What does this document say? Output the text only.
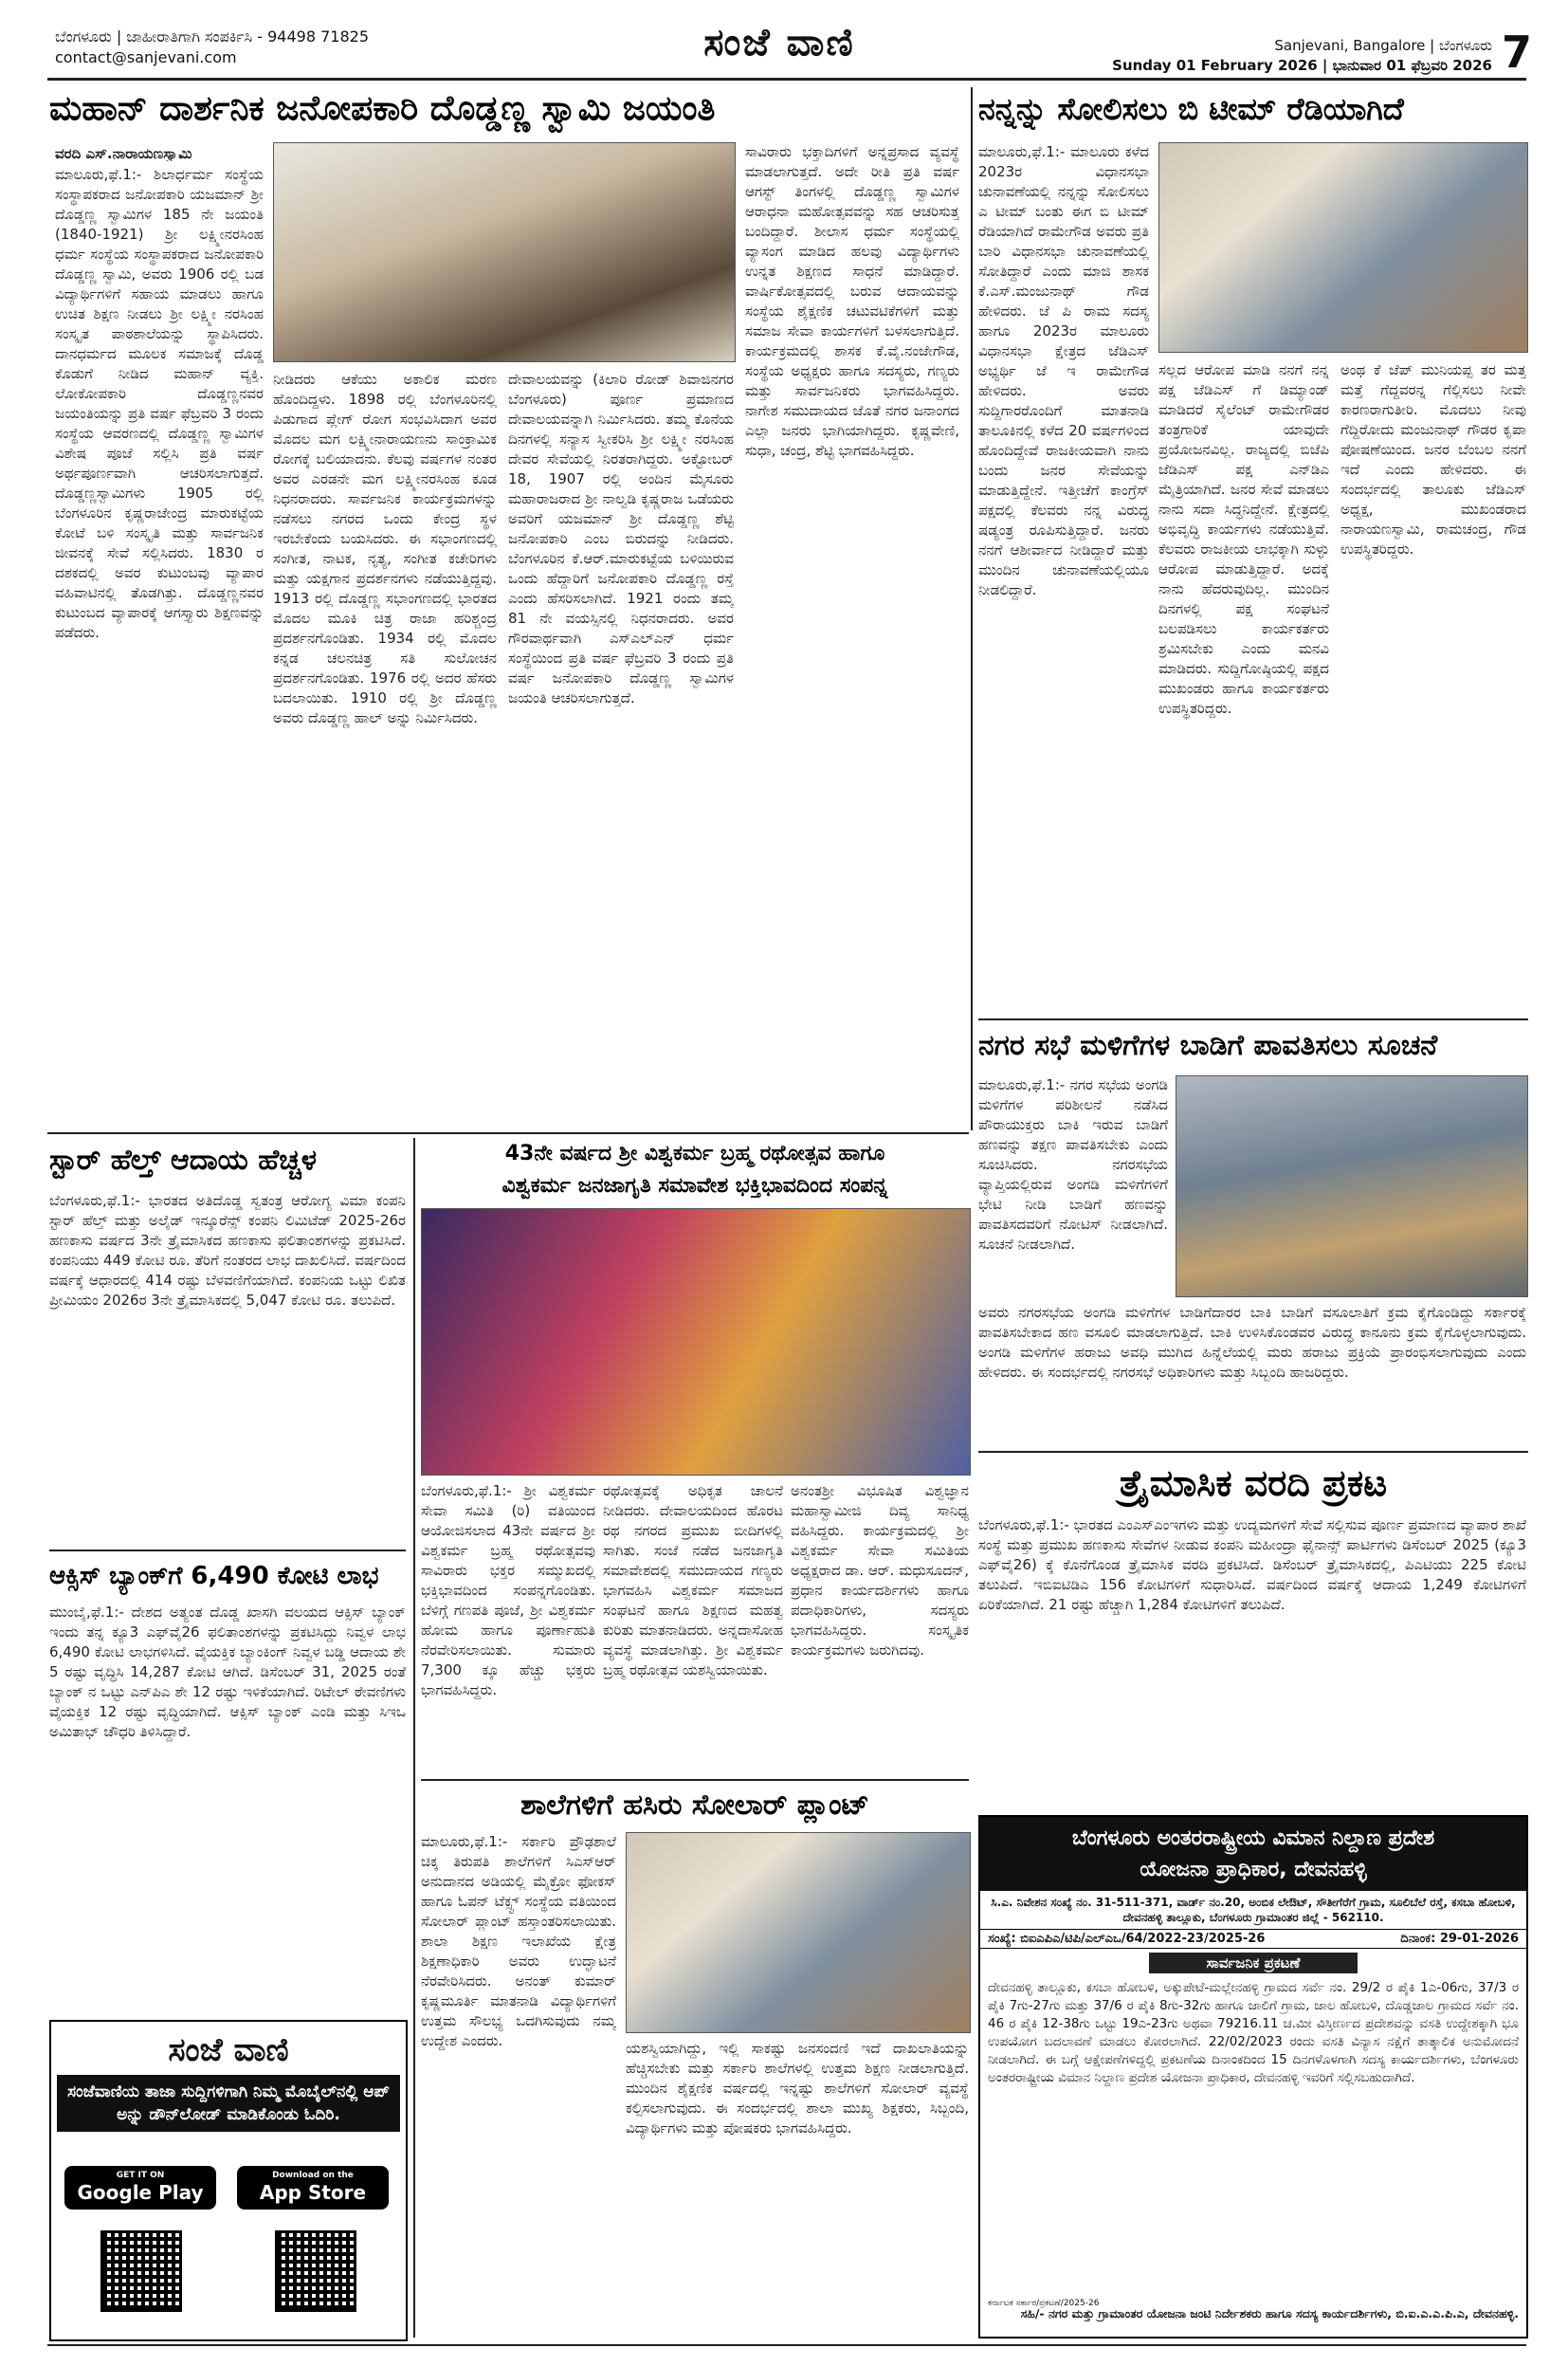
ಬೆಂಗಳೂರು | ಜಾಹೀರಾತಿಗಾಗಿ ಸಂಪರ್ಕಿಸಿ - 94498 71825
contact@sanjevani.com	ಸಂಜೆ ವಾಣಿ	Sanjevani, Bangalore | ಬೆಂಗಳೂರು
Sunday 01 February 2026 | ಭಾನುವಾರ 01 ಫೆಬ್ರವರಿ 2026 7
ಮಹಾನ್ ದಾರ್ಶನಿಕ ಜನೋಪಕಾರಿ ದೊಡ್ಡಣ್ಣ ಸ್ವಾಮಿ ಜಯಂತಿ
ವರದಿ ಎಸ್.ನಾರಾಯಣಸ್ವಾಮಿ
ಮಾಲೂರು,ಫೆ.1:- ಶಿಲಾರ್ಧರ್ಮ ಸಂಸ್ಥೆಯ ಸಂಸ್ಥಾಪಕರಾದ ಜನೋಪಕಾರಿ ಯಜಮಾನ್ ಶ್ರೀ ದೊಡ್ಡಣ್ಣ ಸ್ವಾಮಿಗಳ 185 ನೇ ಜಯಂತಿ (1840-1921) ಶ್ರೀ ಲಕ್ಷ್ಮೀನರಸಿಂಹ ಧರ್ಮ ಸಂಸ್ಥೆಯ ಸಂಸ್ಥಾಪಕರಾದ ಜನೋಪಕಾರಿ ದೊಡ್ಡಣ್ಣ ಸ್ವಾಮಿ, ಅವರು 1906 ರಲ್ಲಿ ಬಡ ವಿದ್ಯಾರ್ಥಿಗಳಿಗೆ ಸಹಾಯ ಮಾಡಲು ಹಾಗೂ ಉಚಿತ ಶಿಕ್ಷಣ ನೀಡಲು ಶ್ರೀ ಲಕ್ಷ್ಮೀ ನರಸಿಂಹ ಸಂಸ್ಕೃತ ಪಾಠಶಾಲೆಯನ್ನು ಸ್ಥಾಪಿಸಿದರು. ದಾನಧರ್ಮದ ಮೂಲಕ ಸಮಾಜಕ್ಕೆ ದೊಡ್ಡ ಕೊಡುಗೆ ನೀಡಿದ ಮಹಾನ್ ವ್ಯಕ್ತಿ. ಲೋಕೋಪಕಾರಿ ದೊಡ್ಡಣ್ಣನವರ ಜಯಂತಿಯನ್ನು ಪ್ರತಿ ವರ್ಷ ಫೆಬ್ರವರಿ 3 ರಂದು ಸಂಸ್ಥೆಯ ಆವರಣದಲ್ಲಿ ದೊಡ್ಡಣ್ಣ ಸ್ವಾಮಿಗಳ ವಿಶೇಷ ಪೂಜೆ ಸಲ್ಲಿಸಿ ಪ್ರತಿ ವರ್ಷ ಅರ್ಥಪೂರ್ಣವಾಗಿ ಆಚರಿಸಲಾಗುತ್ತದೆ. ದೊಡ್ಡಣ್ಣಸ್ವಾಮಿಗಳು 1905 ರಲ್ಲಿ ಬೆಂಗಳೂರಿನ ಕೃಷ್ಣರಾಜೇಂದ್ರ ಮಾರುಕಟ್ಟೆಯ ಕೋಟೆ ಬಳಿ ಸಂಸ್ಕೃತಿ ಮತ್ತು ಸಾರ್ವಜನಿಕ ಜೀವನಕ್ಕೆ ಸೇವೆ ಸಲ್ಲಿಸಿದರು. 1830 ರ ದಶಕದಲ್ಲಿ ಅವರ ಕುಟುಂಬವು ವ್ಯಾಪಾರ ವಹಿವಾಟಿನಲ್ಲಿ ತೊಡಗಿತ್ತು. ದೊಡ್ಡಣ್ಣನವರ ಕುಟುಂಬದ ವ್ಯಾಪಾರಕ್ಕೆ ಆಗಸ್ತ್ಯಾರು ಶಿಕ್ಷಣವನ್ನು ಪಡೆದರು.
ನೀಡಿದರು ಆಕೆಯು ಅಕಾಲಿಕ ಮರಣ ಹೊಂದಿದ್ದಳು. 1898 ರಲ್ಲಿ ಬೆಂಗಳೂರಿನಲ್ಲಿ ಪಿಡುಗಾದ ಪ್ಲೇಗ್ ರೋಗ ಸಂಭವಿಸಿದಾಗ ಅವರ ಮೊದಲ ಮಗ ಲಕ್ಷ್ಮೀನಾರಾಯಣನು ಸಾಂಕ್ರಾಮಿಕ ರೋಗಕ್ಕೆ ಬಲಿಯಾದನು. ಕೆಲವು ವರ್ಷಗಳ ನಂತರ ಅವರ ಎರಡನೇ ಮಗ ಲಕ್ಷ್ಮೀನರಸಿಂಹ ಕೂಡ ನಿಧನರಾದರು. ಸಾರ್ವಜನಿಕ ಕಾರ್ಯಕ್ರಮಗಳನ್ನು ನಡೆಸಲು ನಗರದ ಒಂದು ಕೇಂದ್ರ ಸ್ಥಳ ಇರಬೇಕೆಂದು ಬಯಸಿದರು. ಈ ಸಭಾಂಗಣದಲ್ಲಿ ಸಂಗೀತ, ನಾಟಕ, ನೃತ್ಯ, ಸಂಗೀತ ಕಚೇರಿಗಳು ಮತ್ತು ಯಕ್ಷಗಾನ ಪ್ರದರ್ಶನಗಳು ನಡೆಯುತ್ತಿದ್ದವು. 1913 ರಲ್ಲಿ ದೊಡ್ಡಣ್ಣ ಸಭಾಂಗಣದಲ್ಲಿ ಭಾರತದ ಮೊದಲ ಮೂಕಿ ಚಿತ್ರ ರಾಜಾ ಹರಿಶ್ಚಂದ್ರ ಪ್ರದರ್ಶನಗೊಂಡಿತು. 1934 ರಲ್ಲಿ ಮೊದಲ ಕನ್ನಡ ಚಲನಚಿತ್ರ ಸತಿ ಸುಲೋಚನ ಪ್ರದರ್ಶನಗೊಂಡಿತು. 1976 ರಲ್ಲಿ ಅದರ ಹೆಸರು ಬದಲಾಯಿತು. 1910 ರಲ್ಲಿ ಶ್ರೀ ದೊಡ್ಡಣ್ಣ ಅವರು ದೊಡ್ಡಣ್ಣ ಹಾಲ್ ಅನ್ನು ನಿರ್ಮಿಸಿದರು.
ದೇವಾಲಯವನ್ನು (ಕಿಲಾರಿ ರೋಡ್ ಶಿವಾಜಿನಗರ ಬೆಂಗಳೂರು) ಪೂರ್ಣ ಪ್ರಮಾಣದ ದೇವಾಲಯವನ್ನಾಗಿ ನಿರ್ಮಿಸಿದರು. ತಮ್ಮ ಕೊನೆಯ ದಿನಗಳಲ್ಲಿ ಸನ್ಯಾಸ ಸ್ವೀಕರಿಸಿ ಶ್ರೀ ಲಕ್ಷ್ಮೀ ನರಸಿಂಹ ದೇವರ ಸೇವೆಯಲ್ಲಿ ನಿರತರಾಗಿದ್ದರು. ಅಕ್ಟೋಬರ್ 18, 1907 ರಲ್ಲಿ ಅಂದಿನ ಮೈಸೂರು ಮಹಾರಾಜರಾದ ಶ್ರೀ ನಾಲ್ವಡಿ ಕೃಷ್ಣರಾಜ ಒಡೆಯರು ಅವರಿಗೆ ಯಜಮಾನ್ ಶ್ರೀ ದೊಡ್ಡಣ್ಣ ಶೆಟ್ಟಿ ಜನೋಪಕಾರಿ ಎಂಬ ಬಿರುದನ್ನು ನೀಡಿದರು. ಬೆಂಗಳೂರಿನ ಕೆ.ಆರ್.ಮಾರುಕಟ್ಟೆಯ ಬಳಿಯಿರುವ ಒಂದು ಹೆದ್ದಾರಿಗೆ ಜನೋಪಕಾರಿ ದೊಡ್ಡಣ್ಣ ರಸ್ತೆ ಎಂದು ಹೆಸರಿಸಲಾಗಿದೆ. 1921 ರಂದು ತಮ್ಮ 81 ನೇ ವಯಸ್ಸಿನಲ್ಲಿ ನಿಧನರಾದರು. ಅವರ ಗೌರವಾರ್ಥವಾಗಿ ಎಸ್‌ಎಲ್‌ಎನ್ ಧರ್ಮ ಸಂಸ್ಥೆಯಿಂದ ಪ್ರತಿ ವರ್ಷ ಫೆಬ್ರವರಿ 3 ರಂದು ಪ್ರತಿ ವರ್ಷ ಜನೋಪಕಾರಿ ದೊಡ್ಡಣ್ಣ ಸ್ವಾಮಿಗಳ ಜಯಂತಿ ಆಚರಿಸಲಾಗುತ್ತದೆ.
ಸಾವಿರಾರು ಭಕ್ತಾದಿಗಳಿಗೆ ಅನ್ನಪ್ರಸಾದ ವ್ಯವಸ್ಥೆ ಮಾಡಲಾಗುತ್ತದೆ. ಅದೇ ರೀತಿ ಪ್ರತಿ ವರ್ಷ ಆಗಸ್ಟ್ ತಿಂಗಳಲ್ಲಿ ದೊಡ್ಡಣ್ಣ ಸ್ವಾಮಿಗಳ ಆರಾಧನಾ ಮಹೋತ್ಸವವನ್ನು ಸಹ ಆಚರಿಸುತ್ತ ಬಂದಿದ್ದಾರೆ. ಶೀಲಾಸ ಧರ್ಮ ಸಂಸ್ಥೆಯಲ್ಲಿ ವ್ಯಾಸಂಗ ಮಾಡಿದ ಹಲವು ವಿದ್ಯಾರ್ಥಿಗಳು ಉನ್ನತ ಶಿಕ್ಷಣದ ಸಾಧನೆ ಮಾಡಿದ್ದಾರೆ. ವಾರ್ಷಿಕೋತ್ಸವದಲ್ಲಿ ಬರುವ ಆದಾಯವನ್ನು ಸಂಸ್ಥೆಯ ಶೈಕ್ಷಣಿಕ ಚಟುವಟಿಕೆಗಳಿಗೆ ಮತ್ತು ಸಮಾಜ ಸೇವಾ ಕಾರ್ಯಗಳಿಗೆ ಬಳಸಲಾಗುತ್ತಿದೆ. ಕಾರ್ಯಕ್ರಮದಲ್ಲಿ ಶಾಸಕ ಕೆ.ವೈ.ನಂಜೇಗೌಡ, ಸಂಸ್ಥೆಯ ಅಧ್ಯಕ್ಷರು ಹಾಗೂ ಸದಸ್ಯರು, ಗಣ್ಯರು ಮತ್ತು ಸಾರ್ವಜನಿಕರು ಭಾಗವಹಿಸಿದ್ದರು. ನಾಗೇಶ ಸಮುದಾಯದ ಜೊತೆ ನಗರ ಜನಾಂಗದ ಎಲ್ಲಾ ಜನರು ಭಾಗಿಯಾಗಿದ್ದರು. ಕೃಷ್ಣವೇಣಿ, ಸುಧಾ, ಚಂದ್ರ, ಶೆಟ್ಟಿ ಭಾಗವಹಿಸಿದ್ದರು.
ನನ್ನನ್ನು ಸೋಲಿಸಲು ಬಿ ಟೀಮ್ ರೆಡಿಯಾಗಿದೆ
ಮಾಲೂರು,ಫೆ.1:- ಮಾಲೂರು ಕಳೆದ 2023ರ ವಿಧಾನಸಭಾ ಚುನಾವಣೆಯಲ್ಲಿ ನನ್ನನ್ನು ಸೋಲಿಸಲು ಎ ಟೀಮ್ ಬಂತು ಈಗ ಬಿ ಟೀಮ್ ರೆಡಿಯಾಗಿದೆ ರಾಮೇಗೌಡ ಅವರು ಪ್ರತಿ ಬಾರಿ ವಿಧಾನಸಭಾ ಚುನಾವಣೆಯಲ್ಲಿ ಸೋತಿದ್ದಾರೆ ಎಂದು ಮಾಜಿ ಶಾಸಕ ಕೆ.ಎಸ್.ಮಂಜುನಾಥ್ ಗೌಡ ಹೇಳಿದರು. ಜೆ ಪಿ ರಾಮ ಸದಸ್ಯ ಹಾಗೂ 2023ರ ಮಾಲೂರು ವಿಧಾನಸಭಾ ಕ್ಷೇತ್ರದ ಜೆಡಿಎಸ್ ಅಭ್ಯರ್ಥಿ ಜೆ ಇ ರಾಮೇಗೌಡ ಹೇಳಿದರು. ಅವರು ಸುದ್ದಿಗಾರರೊಂದಿಗೆ ಮಾತನಾಡಿ ತಾಲೂಕಿನಲ್ಲಿ ಕಳೆದ 20 ವರ್ಷಗಳಿಂದ ಹೊಂದಿದ್ದೇವೆ ರಾಜಕೀಯವಾಗಿ ನಾನು ಬಂದು ಜನರ ಸೇವೆಯನ್ನು ಮಾಡುತ್ತಿದ್ದೇನೆ. ಇತ್ತೀಚೆಗೆ ಕಾಂಗ್ರೆಸ್ ಪಕ್ಷದಲ್ಲಿ ಕೆಲವರು ನನ್ನ ವಿರುದ್ಧ ಷಡ್ಯಂತ್ರ ರೂಪಿಸುತ್ತಿದ್ದಾರೆ. ಜನರು ನನಗೆ ಆಶೀರ್ವಾದ ನೀಡಿದ್ದಾರೆ ಮತ್ತು ಮುಂದಿನ ಚುನಾವಣೆಯಲ್ಲಿಯೂ ನೀಡಲಿದ್ದಾರೆ.
ಸಲ್ಲದ ಆರೋಪ ಮಾಡಿ ನನಗೆ ನನ್ನ ಪಕ್ಷ ಜೆಡಿಎಸ್ ಗೆ ಡಿಮ್ಯಾಂಡ್ ಮಾಡಿದರೆ ಸೈಲೆಂಟ್ ರಾಮೇಗೌಡರ ತಂತ್ರಗಾರಿಕೆ ಯಾವುದೇ ಪ್ರಯೋಜನವಿಲ್ಲ. ರಾಜ್ಯದಲ್ಲಿ ಬಿಜೆಪಿ ಜೆಡಿಎಸ್ ಪಕ್ಷ ಎನ್‌ಡಿಎ ಮೈತ್ರಿಯಾಗಿದೆ. ಜನರ ಸೇವೆ ಮಾಡಲು ನಾನು ಸದಾ ಸಿದ್ಧನಿದ್ದೇನೆ. ಕ್ಷೇತ್ರದಲ್ಲಿ ಅಭಿವೃದ್ಧಿ ಕಾರ್ಯಗಳು ನಡೆಯುತ್ತಿವೆ. ಕೆಲವರು ರಾಜಕೀಯ ಲಾಭಕ್ಕಾಗಿ ಸುಳ್ಳು ಆರೋಪ ಮಾಡುತ್ತಿದ್ದಾರೆ. ಅದಕ್ಕೆ ನಾನು ಹೆದರುವುದಿಲ್ಲ. ಮುಂದಿನ ದಿನಗಳಲ್ಲಿ ಪಕ್ಷ ಸಂಘಟನೆ ಬಲಪಡಿಸಲು ಕಾರ್ಯಕರ್ತರು ಶ್ರಮಿಸಬೇಕು ಎಂದು ಮನವಿ ಮಾಡಿದರು. ಸುದ್ದಿಗೋಷ್ಠಿಯಲ್ಲಿ ಪಕ್ಷದ ಮುಖಂಡರು ಹಾಗೂ ಕಾರ್ಯಕರ್ತರು ಉಪಸ್ಥಿತರಿದ್ದರು.
ಅಂಥ ಕೆ ಜೆಪ್ ಮುನಿಯಪ್ಪ ತರ ಮತ್ತ ಮತ್ತೆ ಗೆದ್ದವರನ್ನ ಗೆಲ್ಲಿಸಲು ನೀವೇ ಕಾರಣರಾಗುತೀರಿ. ಮೊದಲು ನೀವು ಗೆದ್ದಿರೋದು ಮಂಜುನಾಥ್ ಗೌಡರ ಕೃಪಾ ಪೋಷಣೆಯಿಂದ. ಜನರ ಬೆಂಬಲ ನನಗೆ ಇದೆ ಎಂದು ಹೇಳಿದರು. ಈ ಸಂದರ್ಭದಲ್ಲಿ ತಾಲೂಕು ಜೆಡಿಎಸ್ ಅಧ್ಯಕ್ಷ, ಮುಖಂಡರಾದ ನಾರಾಯಣಸ್ವಾಮಿ, ರಾಮಚಂದ್ರ, ಗೌಡ ಉಪಸ್ಥಿತರಿದ್ದರು.
ನಗರ ಸಭೆ ಮಳಿಗೆಗಳ ಬಾಡಿಗೆ ಪಾವತಿಸಲು ಸೂಚನೆ
ಮಾಲೂರು,ಫೆ.1:- ನಗರ ಸಭೆಯ ಅಂಗಡಿ ಮಳಿಗೆಗಳ ಪರಿಶೀಲನೆ ನಡೆಸಿದ ಪೌರಾಯುಕ್ತರು ಬಾಕಿ ಇರುವ ಬಾಡಿಗೆ ಹಣವನ್ನು ತಕ್ಷಣ ಪಾವತಿಸಬೇಕು ಎಂದು ಸೂಚಿಸಿದರು. ನಗರಸಭೆಯ ವ್ಯಾಪ್ತಿಯಲ್ಲಿರುವ ಅಂಗಡಿ ಮಳಿಗೆಗಳಿಗೆ ಭೇಟಿ ನೀಡಿ ಬಾಡಿಗೆ ಹಣವನ್ನು ಪಾವತಿಸದವರಿಗೆ ನೋಟಿಸ್ ನೀಡಲಾಗಿದೆ. ಸೂಚನೆ ನೀಡಲಾಗಿದೆ.
ಅವರು ನಗರಸಭೆಯ ಅಂಗಡಿ ಮಳಿಗೆಗಳ ಬಾಡಿಗೆದಾರರ ಬಾಕಿ ಬಾಡಿಗೆ ವಸೂಲಾತಿಗೆ ಕ್ರಮ ಕೈಗೊಂಡಿದ್ದು ಸರ್ಕಾರಕ್ಕೆ ಪಾವತಿಸಬೇಕಾದ ಹಣ ವಸೂಲಿ ಮಾಡಲಾಗುತ್ತಿದೆ. ಬಾಕಿ ಉಳಿಸಿಕೊಂಡವರ ವಿರುದ್ಧ ಕಾನೂನು ಕ್ರಮ ಕೈಗೊಳ್ಳಲಾಗುವುದು. ಅಂಗಡಿ ಮಳಿಗೆಗಳ ಹರಾಜು ಅವಧಿ ಮುಗಿದ ಹಿನ್ನೆಲೆಯಲ್ಲಿ ಮರು ಹರಾಜು ಪ್ರಕ್ರಿಯೆ ಪ್ರಾರಂಭಿಸಲಾಗುವುದು ಎಂದು ಹೇಳಿದರು. ಈ ಸಂದರ್ಭದಲ್ಲಿ ನಗರಸಭೆ ಅಧಿಕಾರಿಗಳು ಮತ್ತು ಸಿಬ್ಬಂದಿ ಹಾಜರಿದ್ದರು.
ತ್ರೈಮಾಸಿಕ ವರದಿ ಪ್ರಕಟ
ಬೆಂಗಳೂರು,ಫೆ.1:- ಭಾರತದ ಎಂಎಸ್‌ಎಂಇಗಳು ಮತ್ತು ಉದ್ಯಮಗಳಿಗೆ ಸೇವೆ ಸಲ್ಲಿಸುವ ಪೂರ್ಣ ಪ್ರಮಾಣದ ವ್ಯಾಪಾರ ಶಾಖೆ ಸಂಸ್ಥೆ ಮತ್ತು ಪ್ರಮುಖ ಹಣಕಾಸು ಸೇವೆಗಳ ನೀಡುವ ಕಂಪನಿ ಮಹೀಂದ್ರಾ ಫೈನಾನ್ಸ್ ಪಾರ್ಟಿಗಳು ಡಿಸೆಂಬರ್ 2025 (ಕ್ಯೂ3 ಎಫ್‌ವೈ26) ಕ್ಕೆ ಕೊನೆಗೊಂಡ ತ್ರೈಮಾಸಿಕ ವರದಿ ಪ್ರಕಟಿಸಿದೆ. ಡಿಸೆಂಬರ್ ತ್ರೈಮಾಸಿಕದಲ್ಲಿ, ಪಿಎಟಿಯು 225 ಕೋಟಿ ತಲುಪಿದೆ. ಇಬಿಐಟಿಡಿಎ 156 ಕೋಟಿಗಳಿಗೆ ಸುಧಾರಿಸಿದೆ. ವರ್ಷದಿಂದ ವರ್ಷಕ್ಕೆ ಆದಾಯ 1,249 ಕೋಟಿಗಳಿಗೆ ಏರಿಕೆಯಾಗಿದೆ. 21 ರಷ್ಟು ಹೆಚ್ಚಾಗಿ 1,284 ಕೋಟಿಗಳಿಗೆ ತಲುಪಿದೆ.
ಬೆಂಗಳೂರು ಅಂತರರಾಷ್ಟ್ರೀಯ ವಿಮಾನ ನಿಲ್ದಾಣ ಪ್ರದೇಶ
ಯೋಜನಾ ಪ್ರಾಧಿಕಾರ, ದೇವನಹಳ್ಳಿ
ಸಿ.ಎ. ನಿವೇಶನ ಸಂಖ್ಯೆ ನಂ. 31-511-371, ವಾರ್ಡ್ ನಂ.20, ಅಂಬಿಕ ಲೇಔಟ್, ಸೌತೀಗೆರೆಗೆ ಗ್ರಾಮ, ಸೂಲಿಬೆಲೆ ರಸ್ತೆ, ಕಸಬಾ ಹೋಬಳಿ, ದೇವನಹಳ್ಳಿ ತಾಲ್ಲೂಕು, ಬೆಂಗಳೂರು ಗ್ರಾಮಾಂತರ ಜಿಲ್ಲೆ - 562110.
ಸಂಖ್ಯೆ: ಬಿಐಎಪಿಎ/ಟಿಪಿ/ಎಲ್‌ಎಒ/64/2022-23/2025-26	ದಿನಾಂಕ: 29-01-2026
ಸಾರ್ವಜನಿಕ ಪ್ರಕಟಣೆ
ದೇವನಹಳ್ಳಿ ತಾಲ್ಲೂಕು, ಕಸಬಾ ಹೋಬಳಿ, ಅಕ್ಕುಪೇಟೆ-ಮಲ್ಲೇನಹಳ್ಳಿ ಗ್ರಾಮದ ಸರ್ವೆ ನಂ. 29/2 ರ ಪೈಕಿ 1ಎ-06ಗು, 37/3 ರ ಪೈಕಿ 7ಗು-27ಗು ಮತ್ತು 37/6 ರ ಪೈಕಿ 8ಗು-32ಗು ಹಾಗೂ ಜಾಲಿಗೆ ಗ್ರಾಮ, ಜಾಲ ಹೋಬಳಿ, ದೊಡ್ಡಜಾಲ ಗ್ರಾಮದ ಸರ್ವೆ ನಂ. 46 ರ ಪೈಕಿ 12-38ಗು ಒಟ್ಟು 19ಎ-23ಗು ಅಥವಾ 79216.11 ಚ.ಮೀ ವಿಸ್ತೀರ್ಣದ ಪ್ರದೇಶವನ್ನು ವಸತಿ ಉದ್ದೇಶಕ್ಕಾಗಿ ಭೂ ಉಪಯೋಗ ಬದಲಾವಣೆ ಮಾಡಲು ಕೋರಲಾಗಿದೆ. 22/02/2023 ರಂದು ವಸತಿ ವಿನ್ಯಾಸ ನಕ್ಷೆಗೆ ತಾತ್ಕಾಲಿಕ ಅನುಮೋದನೆ ನೀಡಲಾಗಿದೆ. ಈ ಬಗ್ಗೆ ಆಕ್ಷೇಪಣೆಗಳಿದ್ದಲ್ಲಿ ಪ್ರಕಟಣೆಯ ದಿನಾಂಕದಿಂದ 15 ದಿನಗಳೊಳಗಾಗಿ ಸದಸ್ಯ ಕಾರ್ಯದರ್ಶಿಗಳು, ಬೆಂಗಳೂರು ಅಂತರರಾಷ್ಟ್ರೀಯ ವಿಮಾನ ನಿಲ್ದಾಣ ಪ್ರದೇಶ ಯೋಜನಾ ಪ್ರಾಧಿಕಾರ, ದೇವನಹಳ್ಳಿ ಇವರಿಗೆ ಸಲ್ಲಿಸಬಹುದಾಗಿದೆ.
ಸಹಿ/- ನಗರ ಮತ್ತು ಗ್ರಾಮಾಂತರ ಯೋಜನಾ ಜಂಟಿ ನಿರ್ದೇಶಕರು ಹಾಗೂ ಸದಸ್ಯ ಕಾರ್ಯದರ್ಶಿಗಳು, ಬಿ.ಐ.ಎ.ಎ.ಪಿ.ಎ, ದೇವನಹಳ್ಳಿ.
ಕರ್ನಾಟಕ ಸರ್ಕಾರ/ಪ್ರಕಟಣೆ/2025-26
ಸ್ಟಾರ್ ಹೆಲ್ತ್ ಆದಾಯ ಹೆಚ್ಚಳ
ಬೆಂಗಳೂರು,ಫೆ.1:- ಭಾರತದ ಅತಿದೊಡ್ಡ ಸ್ವತಂತ್ರ ಆರೋಗ್ಯ ವಿಮಾ ಕಂಪನಿ ಸ್ಟಾರ್ ಹೆಲ್ತ್ ಮತ್ತು ಅಲೈಡ್ ಇನ್ಶೂರೆನ್ಸ್ ಕಂಪನಿ ಲಿಮಿಟೆಡ್ 2025-26ರ ಹಣಕಾಸು ವರ್ಷದ 3ನೇ ತ್ರೈಮಾಸಿಕದ ಹಣಕಾಸು ಫಲಿತಾಂಶಗಳನ್ನು ಪ್ರಕಟಿಸಿದೆ. ಕಂಪನಿಯು 449 ಕೋಟಿ ರೂ. ತೆರಿಗೆ ನಂತರದ ಲಾಭ ದಾಖಲಿಸಿದೆ. ವರ್ಷದಿಂದ ವರ್ಷಕ್ಕೆ ಆಧಾರದಲ್ಲಿ 414 ರಷ್ಟು ಬೆಳವಣಿಗೆಯಾಗಿದೆ. ಕಂಪನಿಯ ಒಟ್ಟು ಲಿಖಿತ ಪ್ರೀಮಿಯಂ 2026ರ 3ನೇ ತ್ರೈಮಾಸಿಕದಲ್ಲಿ 5,047 ಕೋಟಿ ರೂ. ತಲುಪಿದೆ.
ಆಕ್ಸಿಸ್ ಬ್ಯಾಂಕ್‌ಗೆ 6,490 ಕೋಟಿ ಲಾಭ
ಮುಂಬೈ,ಫೆ.1:- ದೇಶದ ಅತ್ಯಂತ ದೊಡ್ಡ ಖಾಸಗಿ ವಲಯದ ಆಕ್ಸಿಸ್ ಬ್ಯಾಂಕ್ ಇಂದು ತನ್ನ ಕ್ಯೂ3 ಎಫ್‌ವೈ26 ಫಲಿತಾಂಶಗಳನ್ನು ಪ್ರಕಟಿಸಿದ್ದು ನಿವ್ವಳ ಲಾಭ 6,490 ಕೋಟಿ ಲಾಭಗಳಿಸಿದೆ. ವೈಯಕ್ತಿಕ ಬ್ಯಾಂಕಿಂಗ್ ನಿವ್ವಳ ಬಡ್ಡಿ ಆದಾಯ ಶೇ 5 ರಷ್ಟು ವೃದ್ಧಿಸಿ 14,287 ಕೋಟಿ ಆಗಿದೆ. ಡಿಸೆಂಬರ್ 31, 2025 ರಂತೆ ಬ್ಯಾಂಕ್ ನ ಒಟ್ಟು ಎನ್‌ಪಿಎ ಶೇ 12 ರಷ್ಟು ಇಳಿಕೆಯಾಗಿದೆ. ರಿಟೇಲ್ ಠೇವಣಿಗಳು ವೈಯಕ್ತಿಕ 12 ರಷ್ಟು ವೃದ್ಧಿಯಾಗಿದೆ. ಆಕ್ಸಿಸ್ ಬ್ಯಾಂಕ್ ಎಂಡಿ ಮತ್ತು ಸಿಇಒ ಅಮಿತಾಭ್ ಚೌಧರಿ ತಿಳಿಸಿದ್ದಾರೆ.
ಸಂಜೆ ವಾಣಿ
ಸಂಜೆವಾಣಿಯ ತಾಜಾ ಸುದ್ದಿಗಳಿಗಾಗಿ ನಿಮ್ಮ ಮೊಬೈಲ್‌ನಲ್ಲಿ ಆಪ್ ಅನ್ನು ಡೌನ್‌ಲೋಡ್ ಮಾಡಿಕೊಂಡು ಓದಿರಿ.
GET IT ON
Google Play
Download on the
App Store
43ನೇ ವರ್ಷದ ಶ್ರೀ ವಿಶ್ವಕರ್ಮ ಬ್ರಹ್ಮ ರಥೋತ್ಸವ ಹಾಗೂ
ವಿಶ್ವಕರ್ಮ ಜನಜಾಗೃತಿ ಸಮಾವೇಶ ಭಕ್ತಿಭಾವದಿಂದ ಸಂಪನ್ನ
ಬೆಂಗಳೂರು,ಫೆ.1:- ಶ್ರೀ ವಿಶ್ವಕರ್ಮ ಸೇವಾ ಸಮಿತಿ (ರಿ) ವತಿಯಿಂದ ಆಯೋಜಿಸಲಾದ 43ನೇ ವರ್ಷದ ಶ್ರೀ ವಿಶ್ವಕರ್ಮ ಬ್ರಹ್ಮ ರಥೋತ್ಸವವು ಸಾವಿರಾರು ಭಕ್ತರ ಸಮ್ಮುಖದಲ್ಲಿ ಭಕ್ತಿಭಾವದಿಂದ ಸಂಪನ್ನಗೊಂಡಿತು. ಬೆಳಿಗ್ಗೆ ಗಣಪತಿ ಪೂಜೆ, ಶ್ರೀ ವಿಶ್ವಕರ್ಮ ಹೋಮ ಹಾಗೂ ಪೂರ್ಣಾಹುತಿ ನೆರವೇರಿಸಲಾಯಿತು. ಸುಮಾರು 7,300 ಕ್ಕೂ ಹೆಚ್ಚು ಭಕ್ತರು ಭಾಗವಹಿಸಿದ್ದರು.
ರಥೋತ್ಸವಕ್ಕೆ ಅಧಿಕೃತ ಚಾಲನೆ ನೀಡಿದರು. ದೇವಾಲಯದಿಂದ ಹೊರಟ ರಥ ನಗರದ ಪ್ರಮುಖ ಬೀದಿಗಳಲ್ಲಿ ಸಾಗಿತು. ಸಂಜೆ ನಡೆದ ಜನಜಾಗೃತಿ ಸಮಾವೇಶದಲ್ಲಿ ಸಮುದಾಯದ ಗಣ್ಯರು ಭಾಗವಹಿಸಿ ವಿಶ್ವಕರ್ಮ ಸಮಾಜದ ಸಂಘಟನೆ ಹಾಗೂ ಶಿಕ್ಷಣದ ಮಹತ್ವ ಕುರಿತು ಮಾತನಾಡಿದರು. ಅನ್ನದಾಸೋಹ ವ್ಯವಸ್ಥೆ ಮಾಡಲಾಗಿತ್ತು. ಶ್ರೀ ವಿಶ್ವಕರ್ಮ ಬ್ರಹ್ಮ ರಥೋತ್ಸವ ಯಶಸ್ವಿಯಾಯಿತು.
ಅನಂತಶ್ರೀ ವಿಭೂಷಿತ ವಿಶ್ವಜ್ಞಾನ ಮಹಾಸ್ವಾಮೀಜಿ ದಿವ್ಯ ಸಾನಿಧ್ಯ ವಹಿಸಿದ್ದರು. ಕಾರ್ಯಕ್ರಮದಲ್ಲಿ ಶ್ರೀ ವಿಶ್ವಕರ್ಮ ಸೇವಾ ಸಮಿತಿಯ ಅಧ್ಯಕ್ಷರಾದ ಡಾ. ಆರ್. ಮಧುಸೂದನ್, ಪ್ರಧಾನ ಕಾರ್ಯದರ್ಶಿಗಳು ಹಾಗೂ ಪದಾಧಿಕಾರಿಗಳು, ಸದಸ್ಯರು ಭಾಗವಹಿಸಿದ್ದರು. ಸಂಸ್ಕೃತಿಕ ಕಾರ್ಯಕ್ರಮಗಳು ಜರುಗಿದವು.
ಶಾಲೆಗಳಿಗೆ ಹಸಿರು ಸೋಲಾರ್ ಪ್ಲಾಂಟ್
ಮಾಲೂರು,ಫೆ.1:- ಸರ್ಕಾರಿ ಪ್ರೌಢಶಾಲೆ ಚಿಕ್ಕ ತಿರುಪತಿ ಶಾಲೆಗಳಿಗೆ ಸಿಎಸ್‌ಆರ್ ಅನುದಾನದ ಅಡಿಯಲ್ಲಿ ಮೈಕ್ರೋ ಫೋಕಸ್ ಹಾಗೂ ಓಪನ್ ಟೆಕ್ಸ್ಟ್ ಸಂಸ್ಥೆಯ ವತಿಯಿಂದ ಸೋಲಾರ್ ಪ್ಲಾಂಟ್ ಹಸ್ತಾಂತರಿಸಲಾಯಿತು. ಶಾಲಾ ಶಿಕ್ಷಣ ಇಲಾಖೆಯ ಕ್ಷೇತ್ರ ಶಿಕ್ಷಣಾಧಿಕಾರಿ ಅವರು ಉದ್ಘಾಟನೆ ನೆರವೇರಿಸಿದರು. ಅನಂತ್ ಕುಮಾರ್ ಕೃಷ್ಣಮೂರ್ತಿ ಮಾತನಾಡಿ ವಿದ್ಯಾರ್ಥಿಗಳಿಗೆ ಉತ್ತಮ ಸೌಲಭ್ಯ ಒದಗಿಸುವುದು ನಮ್ಮ ಉದ್ದೇಶ ಎಂದರು.	ಯಶಸ್ವಿಯಾಗಿದ್ದು, ಇಲ್ಲಿ ಸಾಕಷ್ಟು ಜನಸಂದಣಿ ಇದೆ ದಾಖಲಾತಿಯನ್ನು ಹೆಚ್ಚಿಸಬೇಕು ಮತ್ತು ಸರ್ಕಾರಿ ಶಾಲೆಗಳಲ್ಲಿ ಉತ್ತಮ ಶಿಕ್ಷಣ ನೀಡಲಾಗುತ್ತಿದೆ. ಮುಂದಿನ ಶೈಕ್ಷಣಿಕ ವರ್ಷದಲ್ಲಿ ಇನ್ನಷ್ಟು ಶಾಲೆಗಳಿಗೆ ಸೋಲಾರ್ ವ್ಯವಸ್ಥೆ ಕಲ್ಪಿಸಲಾಗುವುದು. ಈ ಸಂದರ್ಭದಲ್ಲಿ ಶಾಲಾ ಮುಖ್ಯ ಶಿಕ್ಷಕರು, ಸಿಬ್ಬಂದಿ, ವಿದ್ಯಾರ್ಥಿಗಳು ಮತ್ತು ಪೋಷಕರು ಭಾಗವಹಿಸಿದ್ದರು.
